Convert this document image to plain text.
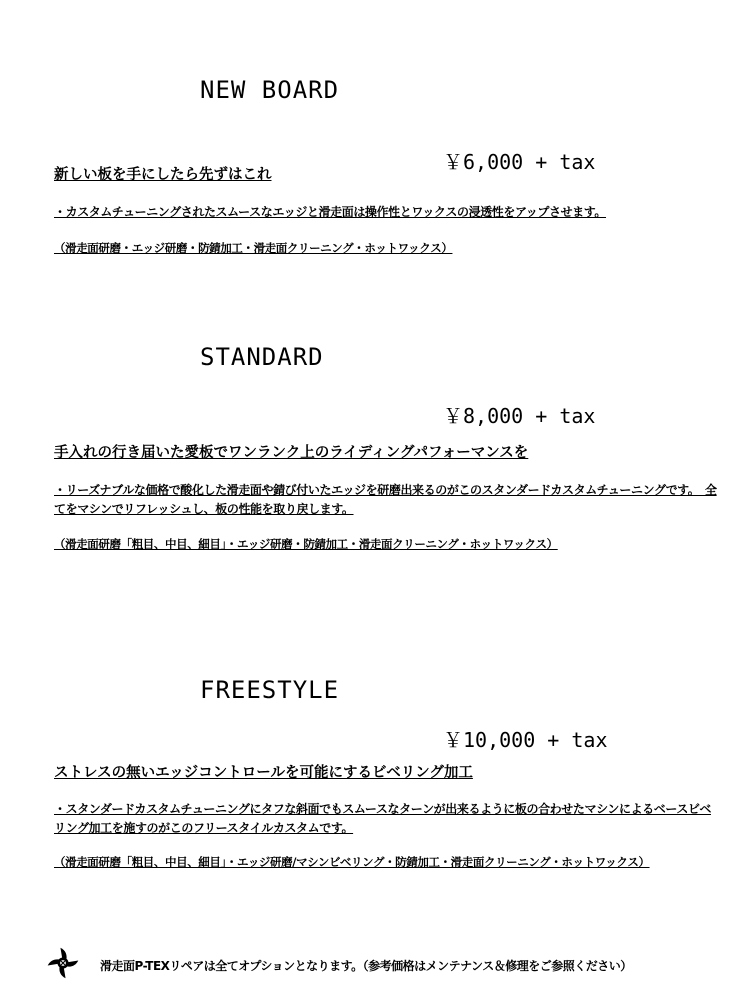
NEW BOARD

￥6,000 + tax

新しい板を手にしたら先ずはこれ

・カスタムチューニングされたスムースなエッジと滑走面は操作性とワックスの浸透性をアップさせます。

（滑走面研磨・エッジ研磨・防錆加工・滑走面クリーニング・ホットワックス）

STANDARD

￥8,000 + tax

手入れの行き届いた愛板でワンランク上のライディングパフォーマンスを

・リーズナブルな価格で酸化した滑走面や錆び付いたエッジを研磨出来るのがこのスタンダードカスタムチューニングです。　全てをマシンでリフレッシュし、板の性能を取り戻します。

（滑走面研磨「粗目、中目、細目」・エッジ研磨・防錆加工・滑走面クリーニング・ホットワックス）

FREESTYLE

￥10,000 + tax

ストレスの無いエッジコントロールを可能にするビベリング加工

・スタンダードカスタムチューニングにタフな斜面でもスムースなターンが出来るように板の合わせたマシンによるベースビベリング加工を施すのがこのフリースタイルカスタムです。

（滑走面研磨「粗目、中目、細目」・エッジ研磨/マシンビベリング・防錆加工・滑走面クリーニング・ホットワックス）

滑走面P-TEXリペアは全てオプションとなります。（参考価格はメンテナンス＆修理をご参照ください）
